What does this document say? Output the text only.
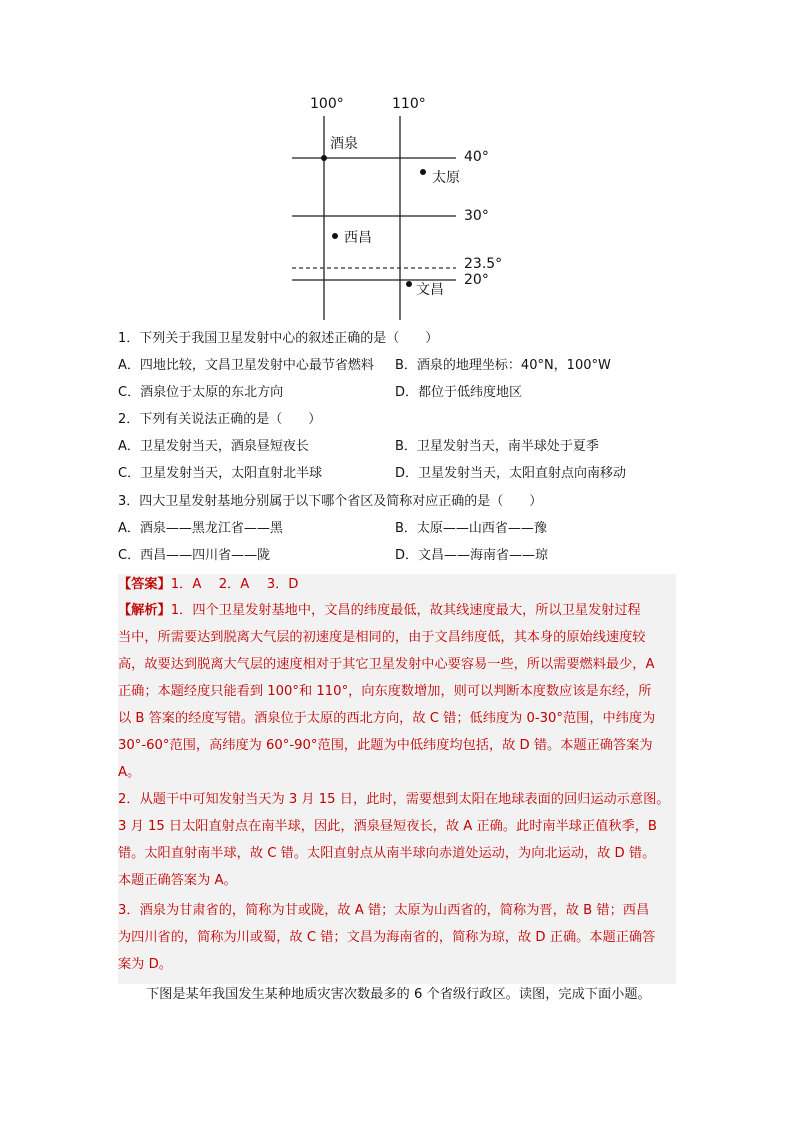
100°	110°
40°
30°
23.5°
20°
酒泉
太原
西昌
文昌
1．下列关于我国卫星发射中心的叙述正确的是（　　）
A．四地比较，文昌卫星发射中心最节省燃料 B．酒泉的地理坐标：40°N，100°W
C．酒泉位于太原的东北方向	D．都位于低纬度地区
2．下列有关说法正确的是（　　）
A．卫星发射当天，酒泉昼短夜长	B．卫星发射当天，南半球处于夏季
C．卫星发射当天，太阳直射北半球	D．卫星发射当天，太阳直射点向南移动
3．四大卫星发射基地分别属于以下哪个省区及简称对应正确的是（　　）
A．酒泉——黑龙江省——黑	B．太原——山西省——豫
C．西昌——四川省——陇	D．文昌——海南省——琼
【答案】1．A　 2．A　 3．D
【解析】1．四个卫星发射基地中，文昌的纬度最低，故其线速度最大，所以卫星发射过程
当中，所需要达到脱离大气层的初速度是相同的，由于文昌纬度低，其本身的原始线速度较
高，故要达到脱离大气层的速度相对于其它卫星发射中心要容易一些，所以需要燃料最少，A
正确；本题经度只能看到 100°和 110°，向东度数增加，则可以判断本度数应该是东经，所
以 B 答案的经度写错。酒泉位于太原的西北方向，故 C 错；低纬度为 0-30°范围，中纬度为
30°-60°范围，高纬度为 60°-90°范围，此题为中低纬度均包括，故 D 错。本题正确答案为
A。
2．从题干中可知发射当天为 3 月 15 日，此时，需要想到太阳在地球表面的回归运动示意图。
3 月 15 日太阳直射点在南半球，因此，酒泉昼短夜长，故 A 正确。此时南半球正值秋季，B
错。太阳直射南半球，故 C 错。太阳直射点从南半球向赤道处运动，为向北运动，故 D 错。
本题正确答案为 A。
3．酒泉为甘肃省的，简称为甘或陇，故 A 错；太原为山西省的，简称为晋，故 B 错；西昌
为四川省的，简称为川或蜀，故 C 错；文昌为海南省的，简称为琼，故 D 正确。本题正确答
案为 D。
下图是某年我国发生某种地质灾害次数最多的 6 个省级行政区。读图，完成下面小题。
